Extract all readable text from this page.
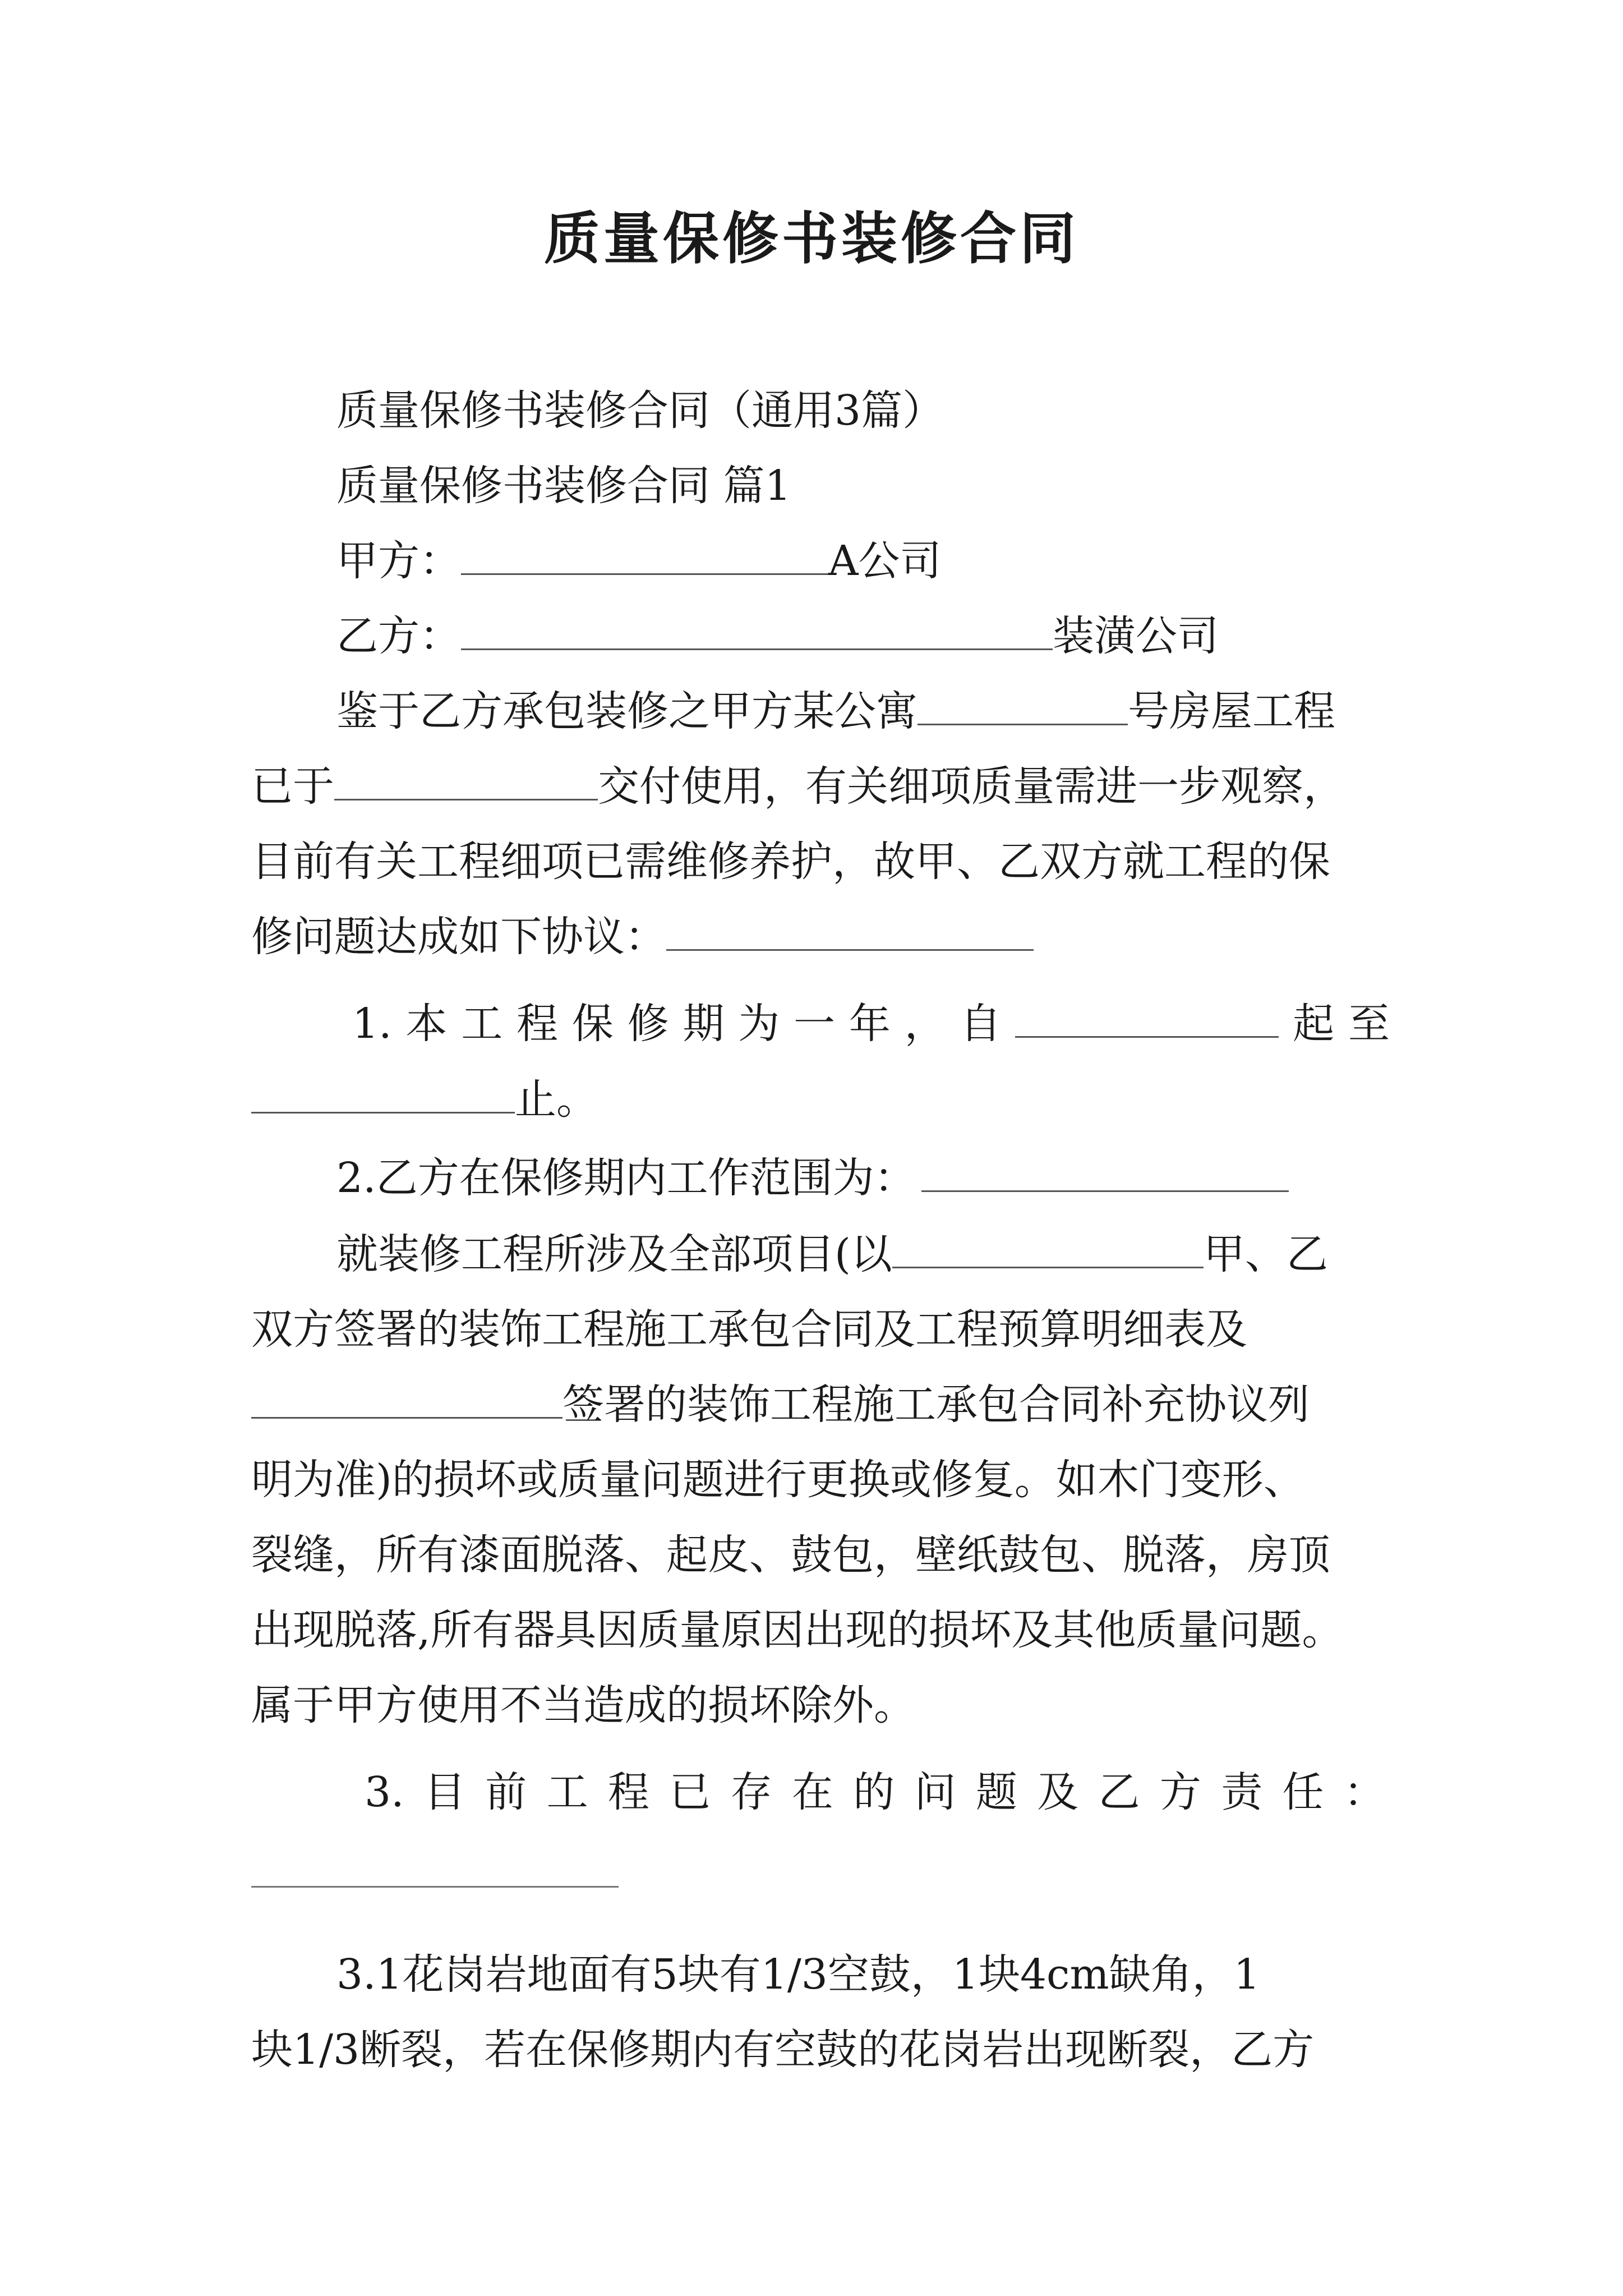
质量保修书装修合同
质量保修书装修合同（通用3篇）
质量保修书装修合同 篇1
甲方：	A公司
乙方：	装潢公司
鉴于乙方承包装修之甲方某公寓	号房屋工程
已于	交付使用，有关细项质量需进一步观察，
目前有关工程细项已需维修养护，故甲、乙双方就工程的保
修问题达成如下协议：
1. 本 工 程 保 修 期 为 一 年 ， 自	起 至
止。
2.乙方在保修期内工作范围为：
就装修工程所涉及全部项目(以	甲、乙
双方签署的装饰工程施工承包合同及工程预算明细表及
签署的装饰工程施工承包合同补充协议列
明为准)的损坏或质量问题进行更换或修复。如木门变形、
裂缝，所有漆面脱落、起皮、鼓包，壁纸鼓包、脱落，房顶
出现脱落,所有器具因质量原因出现的损坏及其他质量问题。
属于甲方使用不当造成的损坏除外。
3. 目 前 工 程 已 存 在 的 问 题 及 乙 方 责 任 ：
3.1花岗岩地面有5块有1/3空鼓，1块4cm缺角，1
块1/3断裂，若在保修期内有空鼓的花岗岩出现断裂，乙方
